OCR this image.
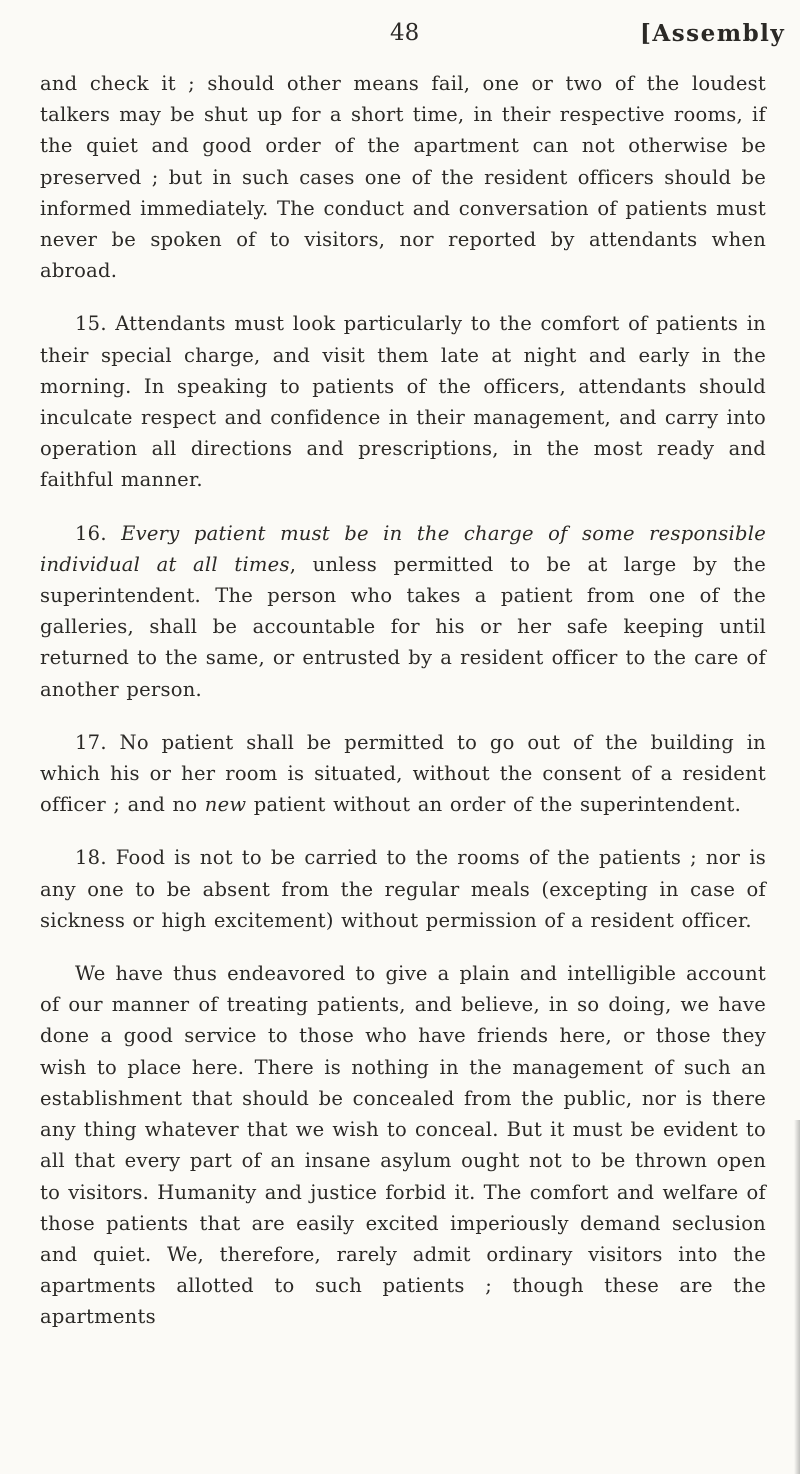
48	[Assembly

and check it ; should other means fail, one or two of the loudest talkers may be shut up for a short time, in their respective rooms, if the quiet and good order of the apartment can not otherwise be preserved ; but in such cases one of the resident officers should be informed immediately. The conduct and conversation of patients must never be spoken of to visitors, nor reported by attendants when abroad.

15. Attendants must look particularly to the comfort of patients in their special charge, and visit them late at night and early in the morning. In speaking to patients of the officers, attendants should inculcate respect and confidence in their management, and carry into operation all directions and prescriptions, in the most ready and faithful manner.

16. Every patient must be in the charge of some responsible individual at all times, unless permitted to be at large by the superintendent. The person who takes a patient from one of the galleries, shall be accountable for his or her safe keeping until returned to the same, or entrusted by a resident officer to the care of another person.

17. No patient shall be permitted to go out of the building in which his or her room is situated, without the consent of a resident officer ; and no new patient without an order of the superintendent.

18. Food is not to be carried to the rooms of the patients ; nor is any one to be absent from the regular meals (excepting in case of sickness or high excitement) without permission of a resident officer.

We have thus endeavored to give a plain and intelligible account of our manner of treating patients, and believe, in so doing, we have done a good service to those who have friends here, or those they wish to place here. There is nothing in the management of such an establishment that should be concealed from the public, nor is there any thing whatever that we wish to conceal. But it must be evident to all that every part of an insane asylum ought not to be thrown open to visitors. Humanity and justice forbid it. The comfort and welfare of those patients that are easily excited imperiously demand seclusion and quiet. We, therefore, rarely admit ordinary visitors into the apartments allotted to such patients ; though these are the apartments
